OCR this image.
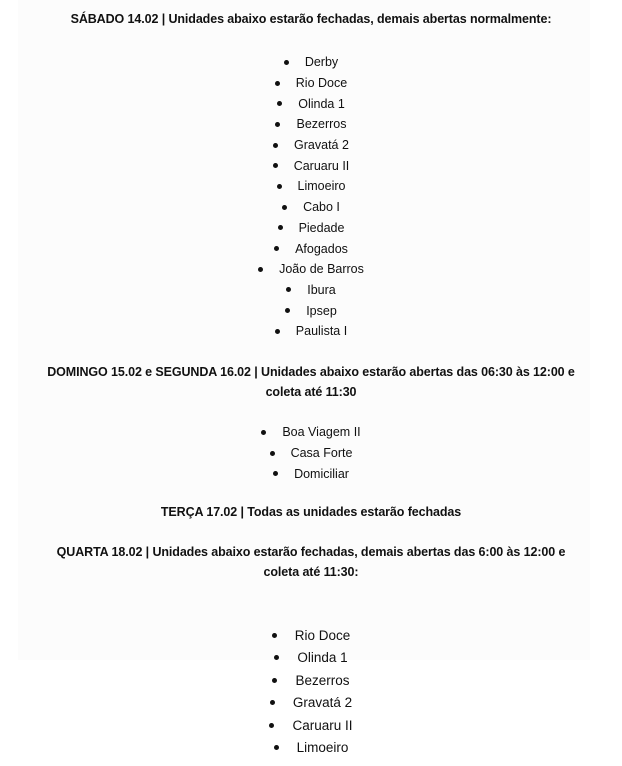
SÁBADO 14.02 | Unidades abaixo estarão fechadas, demais abertas normalmente:
Derby
Rio Doce
Olinda 1
Bezerros
Gravatá 2
Caruaru II
Limoeiro
Cabo I
Piedade
Afogados
João de Barros
Ibura
Ipsep
Paulista I
DOMINGO 15.02 e SEGUNDA 16.02 | Unidades abaixo estarão abertas das 06:30 às 12:00 e
coleta até 11:30
Boa Viagem II
Casa Forte
Domiciliar
TERÇA 17.02 | Todas as unidades estarão fechadas
QUARTA 18.02 | Unidades abaixo estarão fechadas, demais abertas das 6:00 às 12:00 e
coleta até 11:30:
Rio Doce
Olinda 1
Bezerros
Gravatá 2
Caruaru II
Limoeiro
